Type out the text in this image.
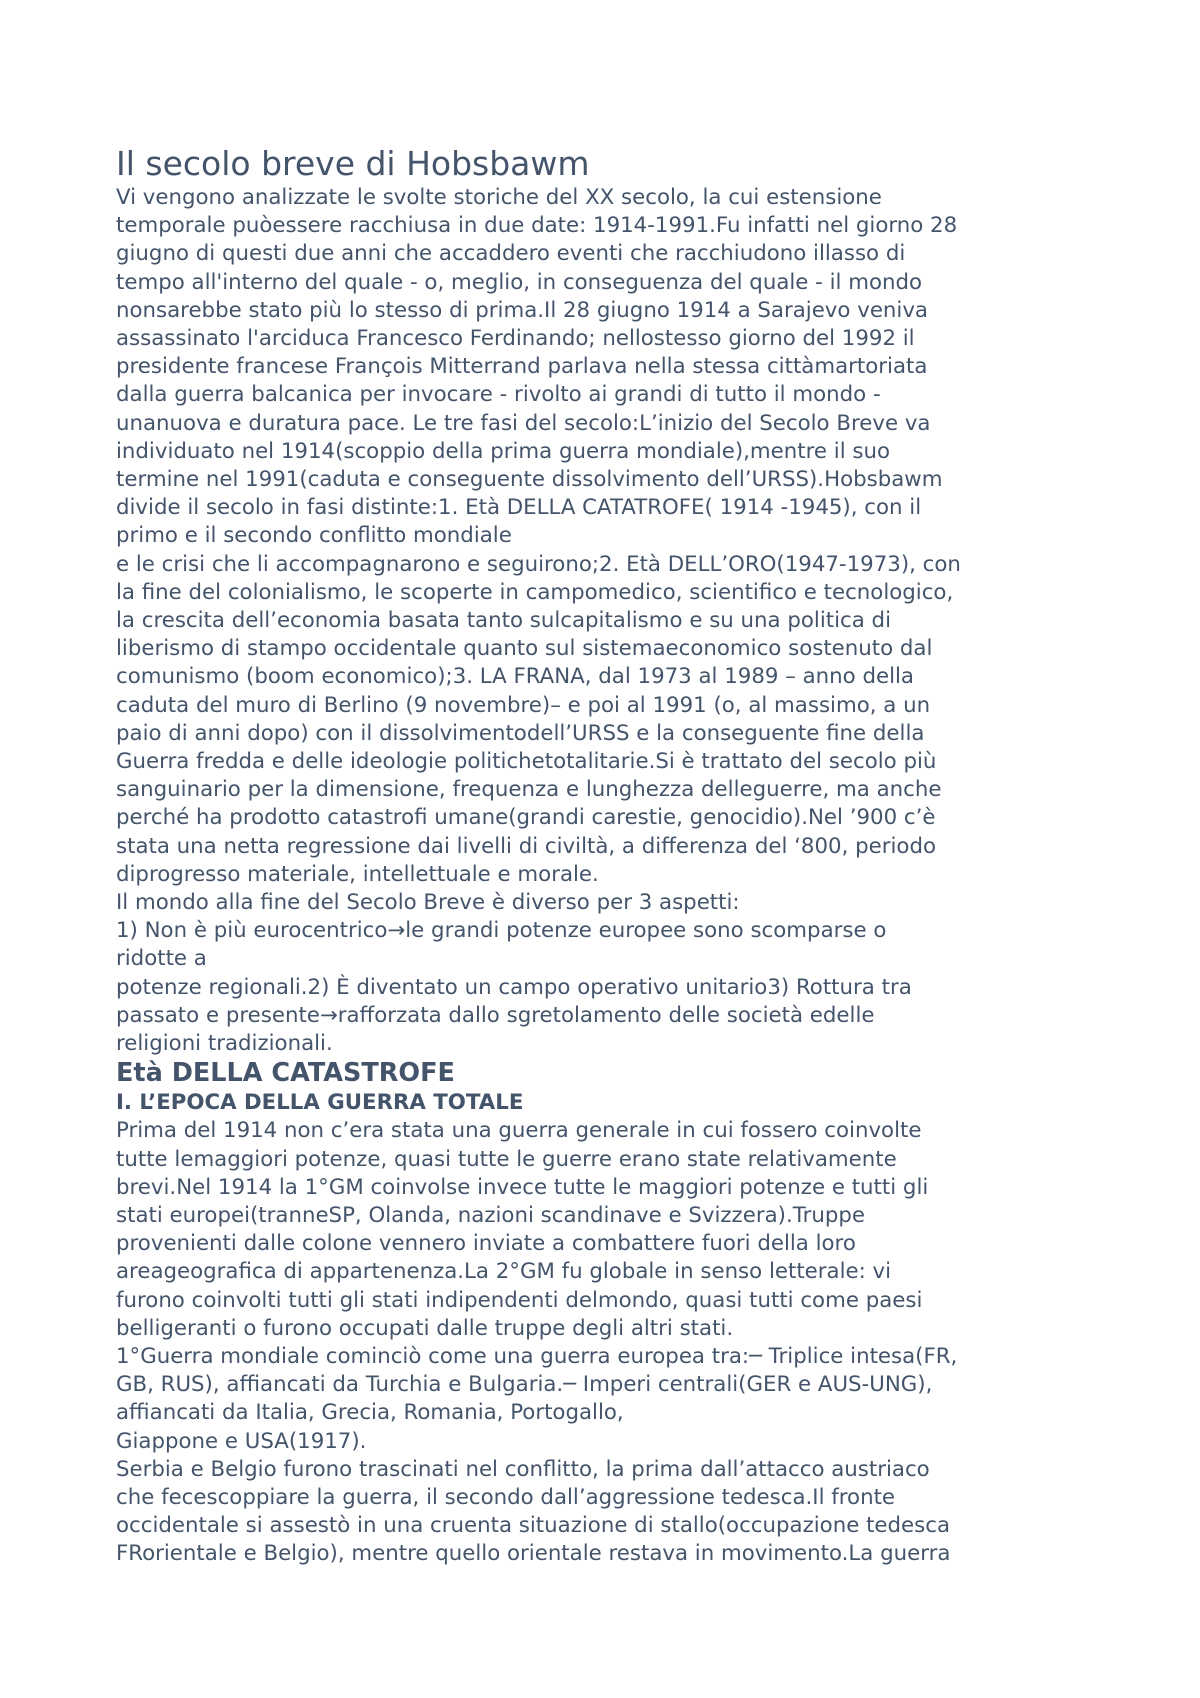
Il secolo breve di Hobsbawm

Vi vengono analizzate le svolte storiche del XX secolo, la cui estensione

temporale puòessere racchiusa in due date: 1914-1991.Fu infatti nel giorno 28

giugno di questi due anni che accaddero eventi che racchiudono illasso di

tempo all'interno del quale - o, meglio, in conseguenza del quale - il mondo

nonsarebbe stato più lo stesso di prima.Il 28 giugno 1914 a Sarajevo veniva

assassinato l'arciduca Francesco Ferdinando; nellostesso giorno del 1992 il

presidente francese François Mitterrand parlava nella stessa cittàmartoriata

dalla guerra balcanica per invocare - rivolto ai grandi di tutto il mondo -

unanuova e duratura pace. Le tre fasi del secolo:L’inizio del Secolo Breve va

individuato nel 1914(scoppio della prima guerra mondiale),mentre il suo

termine nel 1991(caduta e conseguente dissolvimento dell’URSS).Hobsbawm

divide il secolo in fasi distinte:1. Età DELLA CATATROFE( 1914 -1945), con il

primo e il secondo conflitto mondiale

e le crisi che li accompagnarono e seguirono;2. Età DELL’ORO(1947-1973), con

la fine del colonialismo, le scoperte in campomedico, scientifico e tecnologico,

la crescita dell’economia basata tanto sulcapitalismo e su una politica di

liberismo di stampo occidentale quanto sul sistemaeconomico sostenuto dal

comunismo (boom economico);3. LA FRANA, dal 1973 al 1989 – anno della

caduta del muro di Berlino (9 novembre)– e poi al 1991 (o, al massimo, a un

paio di anni dopo) con il dissolvimentodell’URSS e la conseguente fine della

Guerra fredda e delle ideologie politichetotalitarie.Si è trattato del secolo più

sanguinario per la dimensione, frequenza e lunghezza delleguerre, ma anche

perché ha prodotto catastrofi umane(grandi carestie, genocidio).Nel ’900 c’è

stata una netta regressione dai livelli di civiltà, a differenza del ‘800, periodo

diprogresso materiale, intellettuale e morale.

Il mondo alla fine del Secolo Breve è diverso per 3 aspetti:

1) Non è più eurocentrico→le grandi potenze europee sono scomparse o

ridotte a

potenze regionali.2) È diventato un campo operativo unitario3) Rottura tra

passato e presente→rafforzata dallo sgretolamento delle società edelle

religioni tradizionali.

Età DELLA CATASTROFE
I. L’EPOCA DELLA GUERRA TOTALE

Prima del 1914 non c’era stata una guerra generale in cui fossero coinvolte

tutte lemaggiori potenze, quasi tutte le guerre erano state relativamente

brevi.Nel 1914 la 1°GM coinvolse invece tutte le maggiori potenze e tutti gli

stati europei(tranneSP, Olanda, nazioni scandinave e Svizzera).Truppe

provenienti dalle colone vennero inviate a combattere fuori della loro

areageografica di appartenenza.La 2°GM fu globale in senso letterale: vi

furono coinvolti tutti gli stati indipendenti delmondo, quasi tutti come paesi

belligeranti o furono occupati dalle truppe degli altri stati.

1°Guerra mondiale cominciò come una guerra europea tra:─ Triplice intesa(FR,

GB, RUS), affiancati da Turchia e Bulgaria.─ Imperi centrali(GER e AUS-UNG),

affiancati da Italia, Grecia, Romania, Portogallo,

Giappone e USA(1917).

Serbia e Belgio furono trascinati nel conflitto, la prima dall’attacco austriaco

che fecescoppiare la guerra, il secondo dall’aggressione tedesca.Il fronte

occidentale si assestò in una cruenta situazione di stallo(occupazione tedesca

FRorientale e Belgio), mentre quello orientale restava in movimento.La guerra
